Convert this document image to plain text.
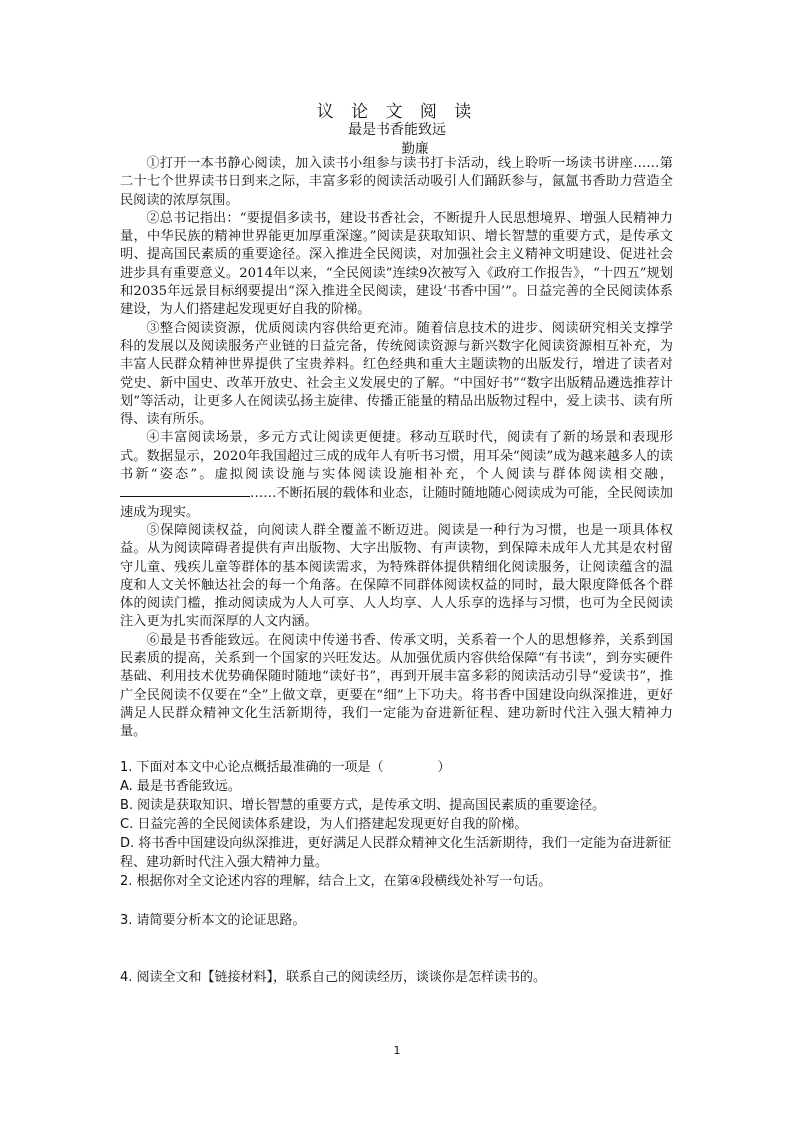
议 论 文 阅 读
最是书香能致远
勤廉

①打开一本书静心阅读，加入读书小组参与读书打卡活动，线上聆听一场读书讲座……第二十七个世界读书日到来之际，丰富多彩的阅读活动吸引人们踊跃参与，氤氲书香助力营造全民阅读的浓厚氛围。

②总书记指出：“要提倡多读书，建设书香社会，不断提升人民思想境界、增强人民精神力量，中华民族的精神世界能更加厚重深邃。”阅读是获取知识、增长智慧的重要方式，是传承文明、提高国民素质的重要途径。深入推进全民阅读，对加强社会主义精神文明建设、促进社会进步具有重要意义。2014年以来，“全民阅读”连续9次被写入《政府工作报告》，“十四五”规划和2035年远景目标纲要提出“深入推进全民阅读，建设‘书香中国’”。日益完善的全民阅读体系建设，为人们搭建起发现更好自我的阶梯。

③整合阅读资源，优质阅读内容供给更充沛。随着信息技术的进步、阅读研究相关支撑学科的发展以及阅读服务产业链的日益完备，传统阅读资源与新兴数字化阅读资源相互补充，为丰富人民群众精神世界提供了宝贵养料。红色经典和重大主题读物的出版发行，增进了读者对党史、新中国史、改革开放史、社会主义发展史的了解。“中国好书”“数字出版精品遴选推荐计划”等活动，让更多人在阅读弘扬主旋律、传播正能量的精品出版物过程中，爱上读书、读有所得、读有所乐。

④丰富阅读场景，多元方式让阅读更便捷。移动互联时代，阅读有了新的场景和表现形式。数据显示，2020年我国超过三成的成年人有听书习惯，用耳朵“阅读”成为越来越多人的读书新“姿态”。虚拟阅读设施与实体阅读设施相补充，个人阅读与群体阅读相交融，……不断拓展的载体和业态，让随时随地随心阅读成为可能，全民阅读加速成为现实。

⑤保障阅读权益，向阅读人群全覆盖不断迈进。阅读是一种行为习惯，也是一项具体权益。从为阅读障碍者提供有声出版物、大字出版物、有声读物，到保障未成年人尤其是农村留守儿童、残疾儿童等群体的基本阅读需求，为特殊群体提供精细化阅读服务，让阅读蕴含的温度和人文关怀触达社会的每一个角落。在保障不同群体阅读权益的同时，最大限度降低各个群体的阅读门槛，推动阅读成为人人可享、人人均享、人人乐享的选择与习惯，也可为全民阅读注入更为扎实而深厚的人文内涵。

⑥最是书香能致远。在阅读中传递书香、传承文明，关系着一个人的思想修养，关系到国民素质的提高，关系到一个国家的兴旺发达。从加强优质内容供给保障“有书读”，到夯实硬件基础、利用技术优势确保随时随地“读好书”，再到开展丰富多彩的阅读活动引导“爱读书”，推广全民阅读不仅要在“全”上做文章，更要在“细”上下功夫。将书香中国建设向纵深推进，更好满足人民群众精神文化生活新期待，我们一定能为奋进新征程、建功新时代注入强大精神力量。

1. 下面对本文中心论点概括最准确的一项是（	）
A. 最是书香能致远。
B. 阅读是获取知识、增长智慧的重要方式，是传承文明、提高国民素质的重要途径。
C. 日益完善的全民阅读体系建设，为人们搭建起发现更好自我的阶梯。
D. 将书香中国建设向纵深推进，更好满足人民群众精神文化生活新期待，我们一定能为奋进新征程、建功新时代注入强大精神力量。
2. 根据你对全文论述内容的理解，结合上文，在第④段横线处补写一句话。
3. 请简要分析本文的论证思路。
4. 阅读全文和【链接材料】，联系自己的阅读经历，谈谈你是怎样读书的。
1
